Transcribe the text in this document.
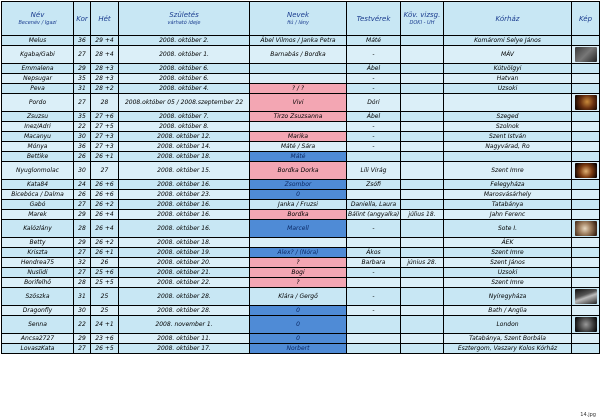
Név
Becenév / Igazi	Kor	Hét	Születés
várható ideje	Nevek
fiú / lány	Testvérek	Köv. vizsg.
DOKI - UH	Kórház	Kép
Melus	36	29 +4	2008. október 2.	Ábel Vilmos / Janka Petra	Máté		Komáromi Selye János	
Kgaba/Gabi	27	28 +4	2008. október 1.	Barnabás / Bordka	-		MÁV	

Emmalena	29	28 +3	2008. október 6.		Ábel		Kútvölgyi	
Nepsugar	35	28 +3	2008. október 6.		-		Hatvan	
Peva	31	28 +2	2008. október 4.	? / ?	-		Uzsoki	
Pordo	27	28	2008.október 05 / 2008.szeptember 22	Vivi	Dóri			

Zsuzsu	35	27 +6	2008. október 7.	Tirzo Zsuzsanna	Ábel		Szeged	
Inez/Adri	22	27 +5	2008. október 8.		-		Szolnok	
Macanyu	30	27 +3	2008. október 12.	Marika	-		Szent István	
Mónya	36	27 +3	2008. október 14.	Máté / Sára	-		Nagyvárad, Ro	
Bettike	26	26 +1	2008. október 18.	Máté				
Nyuglonmolac	30	27	2008. október 15.	Bordka Dorka	Lili Virág		Szent Imre	

Kata84	24	26 +6	2008. október 16.	Zsombor	Zsófi		Felegyháza	
Bicebóca / Dalma	26	26 +6	2008. október 23.	0			Marosvásárhely	
Gabó	27	26 +2	2008. október 16.	Janka / Fruzsi	Daniella, Laura		Tatabánya	
Marek	29	26 +4	2008. október 16.	Bordka	Bálint (angyalka)	július 18.	Jahn Ferenc	
Kalózlány	28	26 +4	2008. október 16.	Marcell	-		Sote I.	

Betty	29	26 +2	2008. október 18.				ÁEK	
Kriszta	27	26 +1	2008. október 19.	Alex? / (Nóra)	Ákos		Szent Imre	
Hendrea75	32	26	2008. október 20.	?	Barbara	június 28.	Szent János	
Nuslidi	27	25 +6	2008. október 21.	Bogi	-		Uzsoki	
Borifelhő	28	25 +5	2008. október 22.	?			Szent Imre	
Szöszka	31	25	2008. október 28.	Klára / Gergő	-		Nyíregyháza	

Dragonfly	30	25	2008. október 28.	0	-		Bath / Anglia	
Senna	22	24 +1	2008. november 1.	0			London	

Ancsa2727	29	23 +6	2008. október 11.	0			Tatabánya, Szent Borbála	
LovaszKata	27	26 +5	2008. október 17.	Norbert			Esztergom, Vaszary Kolos Kórház	
14.jpg
